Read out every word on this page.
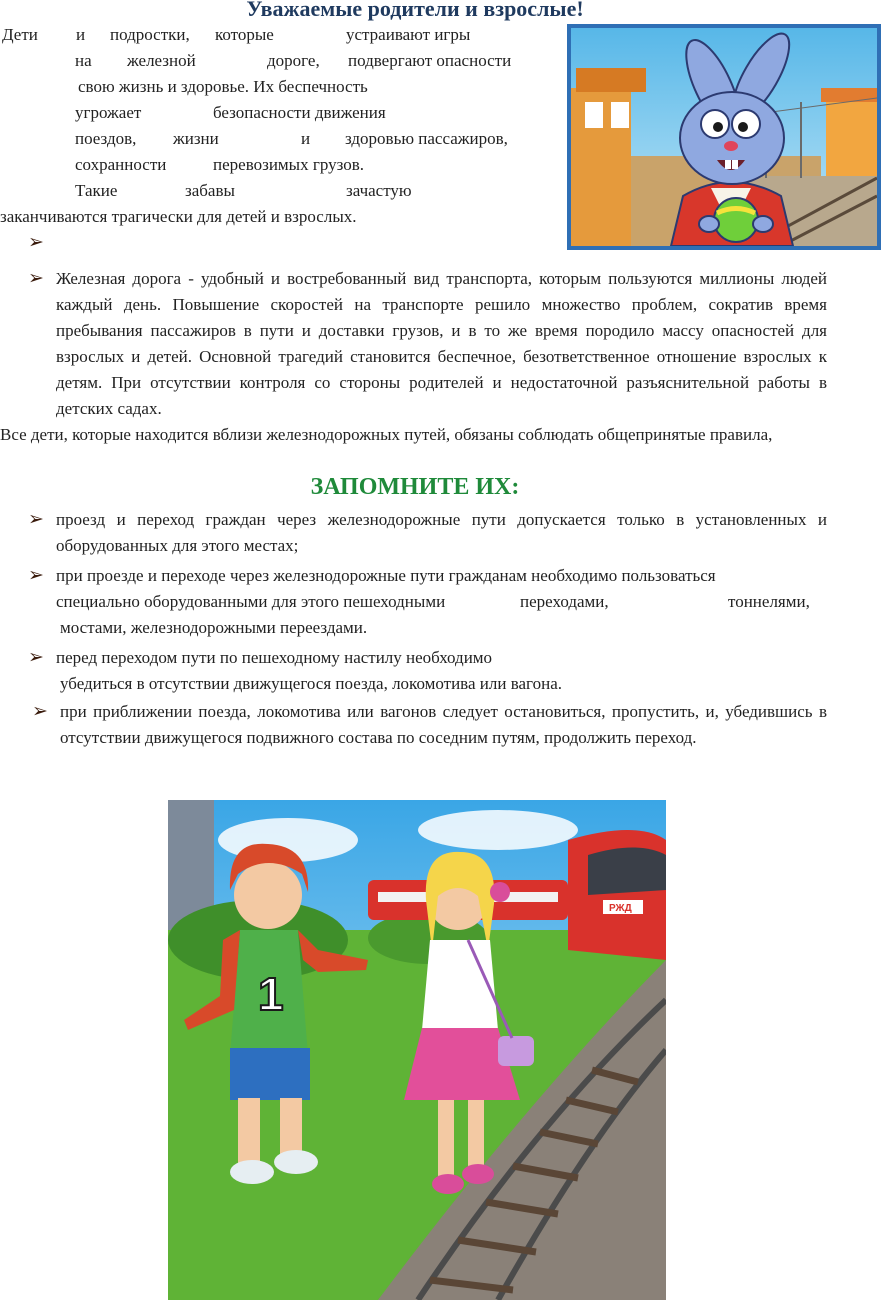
Уважаемые родители и взрослые!
Дети и подростки, которые	устраивают игры
на железной	дороге, подвергают опасности
свою жизнь и здоровье. Их беспечность
угрожает	безопасности движения
поездов, жизни	и здоровью пассажиров,
сохранности	перевозимых грузов.
Такие	забавы	зачастую
заканчиваются трагически для детей и взрослых.
➢
➢ Железная дорога - удобный и востребованный вид транспорта, которым пользуются миллионы людей каждый день. Повышение скоростей на транспорте решило множество проблем, сократив время пребывания пассажиров в пути и доставки грузов, и в то же время породило массу опасностей для взрослых и детей. Основной трагедий становится беспечное, безответственное отношение взрослых к детям. При отсутствии контроля со стороны родителей и недостаточной разъяснительной работы в детских садах.
Все дети, которые находится вблизи железнодорожных путей, обязаны соблюдать общепринятые правила,
ЗАПОМНИТЕ ИХ:
➢ проезд и переход граждан через железнодорожные пути допускается только в установленных и оборудованных для этого местах;
➢ при проезде и переходе через железнодорожные пути гражданам необходимо пользоваться
специально оборудованными для этого пешеходными	переходами,	тоннелями,
мостами, железнодорожными переездами.
➢ перед переходом пути по пешеходному настилу необходимо
убедиться в отсутствии движущегося поезда, локомотива или вагона.
➢ при приближении поезда, локомотива или вагонов следует остановиться, пропустить, и, убедившись в отсутствии движущегося подвижного состава по соседним путям, продолжить переход.
РЖД
1
